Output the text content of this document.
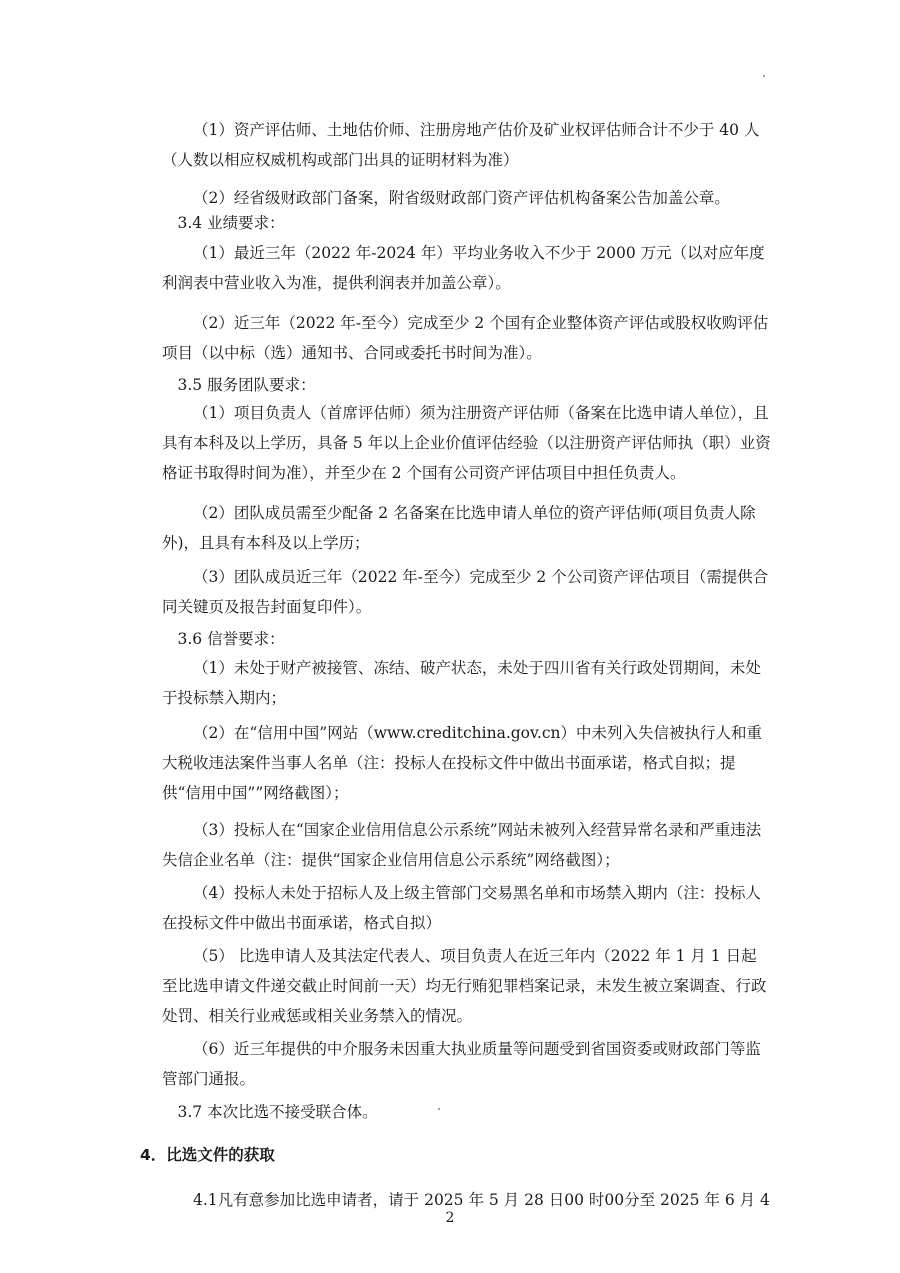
（1）资产评估师、土地估价师、注册房地产估价及矿业权评估师合计不少于 40 人（人数以相应权威机构或部门出具的证明材料为准）

（2）经省级财政部门备案，附省级财政部门资产评估机构备案公告加盖公章。

3.4 业绩要求：

（1）最近三年（2022 年-2024 年）平均业务收入不少于 2000 万元（以对应年度利润表中营业收入为准，提供利润表并加盖公章）。

（2）近三年（2022 年-至今）完成至少 2 个国有企业整体资产评估或股权收购评估项目（以中标（选）通知书、合同或委托书时间为准）。

3.5 服务团队要求：

（1）项目负责人（首席评估师）须为注册资产评估师（备案在比选申请人单位），且具有本科及以上学历，具备 5 年以上企业价值评估经验（以注册资产评估师执（职）业资格证书取得时间为准），并至少在 2 个国有公司资产评估项目中担任负责人。

（2）团队成员需至少配备 2 名备案在比选申请人单位的资产评估师(项目负责人除外)，且具有本科及以上学历；

（3）团队成员近三年（2022 年-至今）完成至少 2 个公司资产评估项目（需提供合同关键页及报告封面复印件）。

3.6 信誉要求：

（1）未处于财产被接管、冻结、破产状态，未处于四川省有关行政处罚期间，未处于投标禁入期内；

（2）在“信用中国”网站（www.creditchina.gov.cn）中未列入失信被执行人和重大税收违法案件当事人名单（注：投标人在投标文件中做出书面承诺，格式自拟；提供“信用中国””网络截图）；

（3）投标人在“国家企业信用信息公示系统”网站未被列入经营异常名录和严重违法失信企业名单（注：提供“国家企业信用信息公示系统”网络截图）；

（4）投标人未处于招标人及上级主管部门交易黑名单和市场禁入期内（注：投标人在投标文件中做出书面承诺，格式自拟）

（5） 比选申请人及其法定代表人、项目负责人在近三年内（2022 年 1 月 1 日起至比选申请文件递交截止时间前一天）均无行贿犯罪档案记录，未发生被立案调查、行政处罚、相关行业戒惩或相关业务禁入的情况。

（6）近三年提供的中介服务未因重大执业质量等问题受到省国资委或财政部门等监管部门通报。

3.7 本次比选不接受联合体。

4．比选文件的获取

4.1凡有意参加比选申请者，请于 2025 年 5 月 28 日00 时00分至 2025 年 6 月 4

2
